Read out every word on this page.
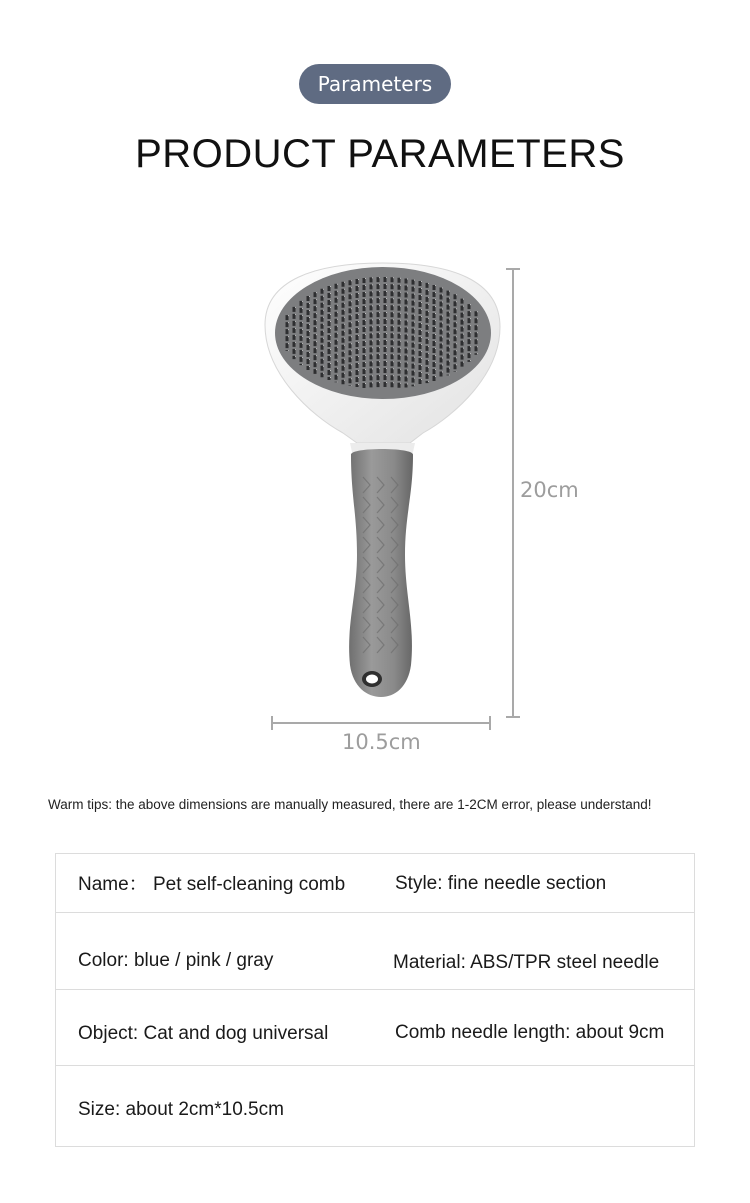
Parameters
PRODUCT PARAMETERS
20cm
10.5cm
Warm tips: the above dimensions are manually measured, there are 1-2CM error, please understand!
Name： Pet self-cleaning comb	Style: fine needle section
Color: blue / pink / gray	Material: ABS/TPR steel needle
Object: Cat and dog universal	Comb needle length: about 9cm
Size: about 2cm*10.5cm
